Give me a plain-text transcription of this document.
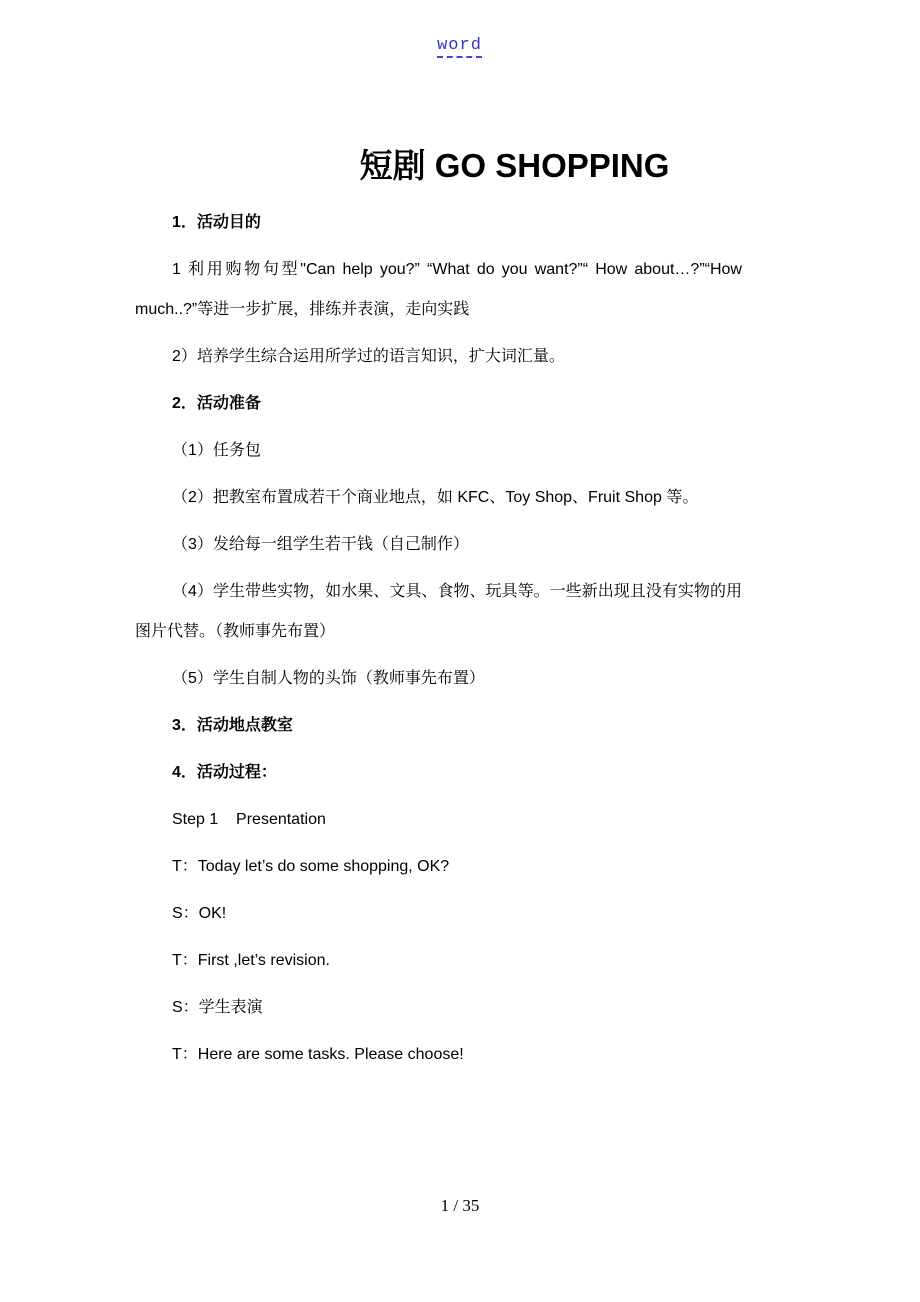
word
短剧 GO SHOPPING

1．活动目的

1 利用购物句型"Can help you?” “What do you want?”“ How about…?”“How much..?”等进一步扩展，排练并表演，走向实践

2）培养学生综合运用所学过的语言知识，扩大词汇量。

2．活动准备

（1）任务包

（2）把教室布置成若干个商业地点，如 KFC、Toy Shop、Fruit Shop 等。

（3）发给每一组学生若干钱（自己制作）

（4）学生带些实物，如水果、文具、食物、玩具等。一些新出现且没有实物的用图片代替。（教师事先布置）

（5）学生自制人物的头饰（教师事先布置）

3．活动地点教室

4．活动过程：

Step 1    Presentation

T：Today let’s do some shopping, OK?

S：OK!

T：First ,let’s revision.

S：学生表演

T：Here are some tasks. Please choose!

1 / 35
